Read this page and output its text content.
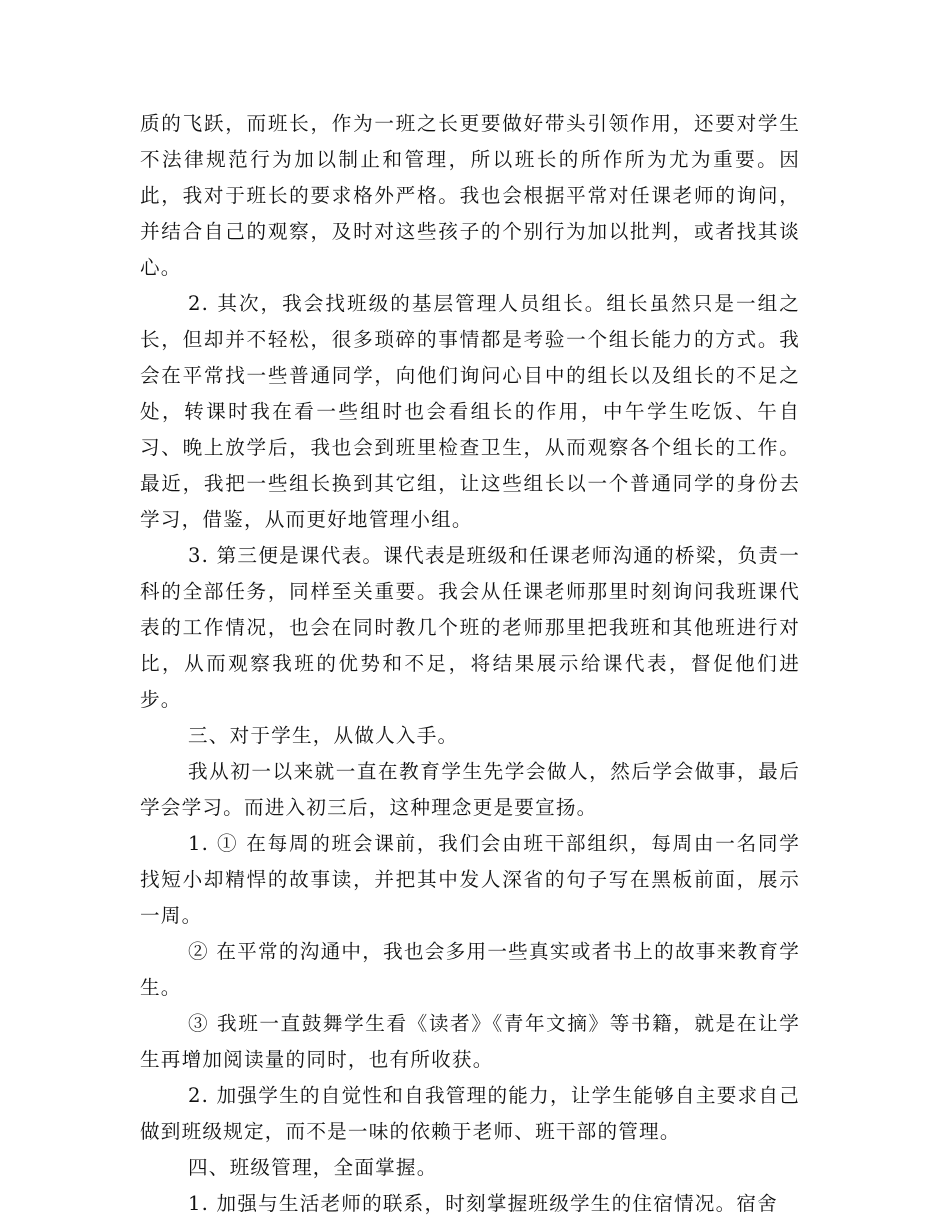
质的飞跃，而班长，作为一班之长更要做好带头引领作用，还要对学生不法律规范行为加以制止和管理，所以班长的所作所为尤为重要。因此，我对于班长的要求格外严格。我也会根据平常对任课老师的询问，并结合自己的观察，及时对这些孩子的个别行为加以批判，或者找其谈心。

2. 其次，我会找班级的基层管理人员组长。组长虽然只是一组之长，但却并不轻松，很多琐碎的事情都是考验一个组长能力的方式。我会在平常找一些普通同学，向他们询问心目中的组长以及组长的不足之处，转课时我在看一些组时也会看组长的作用，中午学生吃饭、午自习、晚上放学后，我也会到班里检查卫生，从而观察各个组长的工作。最近，我把一些组长换到其它组，让这些组长以一个普通同学的身份去学习，借鉴，从而更好地管理小组。

3. 第三便是课代表。课代表是班级和任课老师沟通的桥梁，负责一科的全部任务，同样至关重要。我会从任课老师那里时刻询问我班课代表的工作情况，也会在同时教几个班的老师那里把我班和其他班进行对比，从而观察我班的优势和不足，将结果展示给课代表，督促他们进步。

三、对于学生，从做人入手。

我从初一以来就一直在教育学生先学会做人，然后学会做事，最后学会学习。而进入初三后，这种理念更是要宣扬。

1. ① 在每周的班会课前，我们会由班干部组织，每周由一名同学找短小却精悍的故事读，并把其中发人深省的句子写在黑板前面，展示一周。

② 在平常的沟通中，我也会多用一些真实或者书上的故事来教育学生。

③ 我班一直鼓舞学生看《读者》《青年文摘》等书籍，就是在让学生再增加阅读量的同时，也有所收获。

2. 加强学生的自觉性和自我管理的能力，让学生能够自主要求自己做到班级规定，而不是一味的依赖于老师、班干部的管理。

四、班级管理，全面掌握。

1. 加强与生活老师的联系，时刻掌握班级学生的住宿情况。宿舍
